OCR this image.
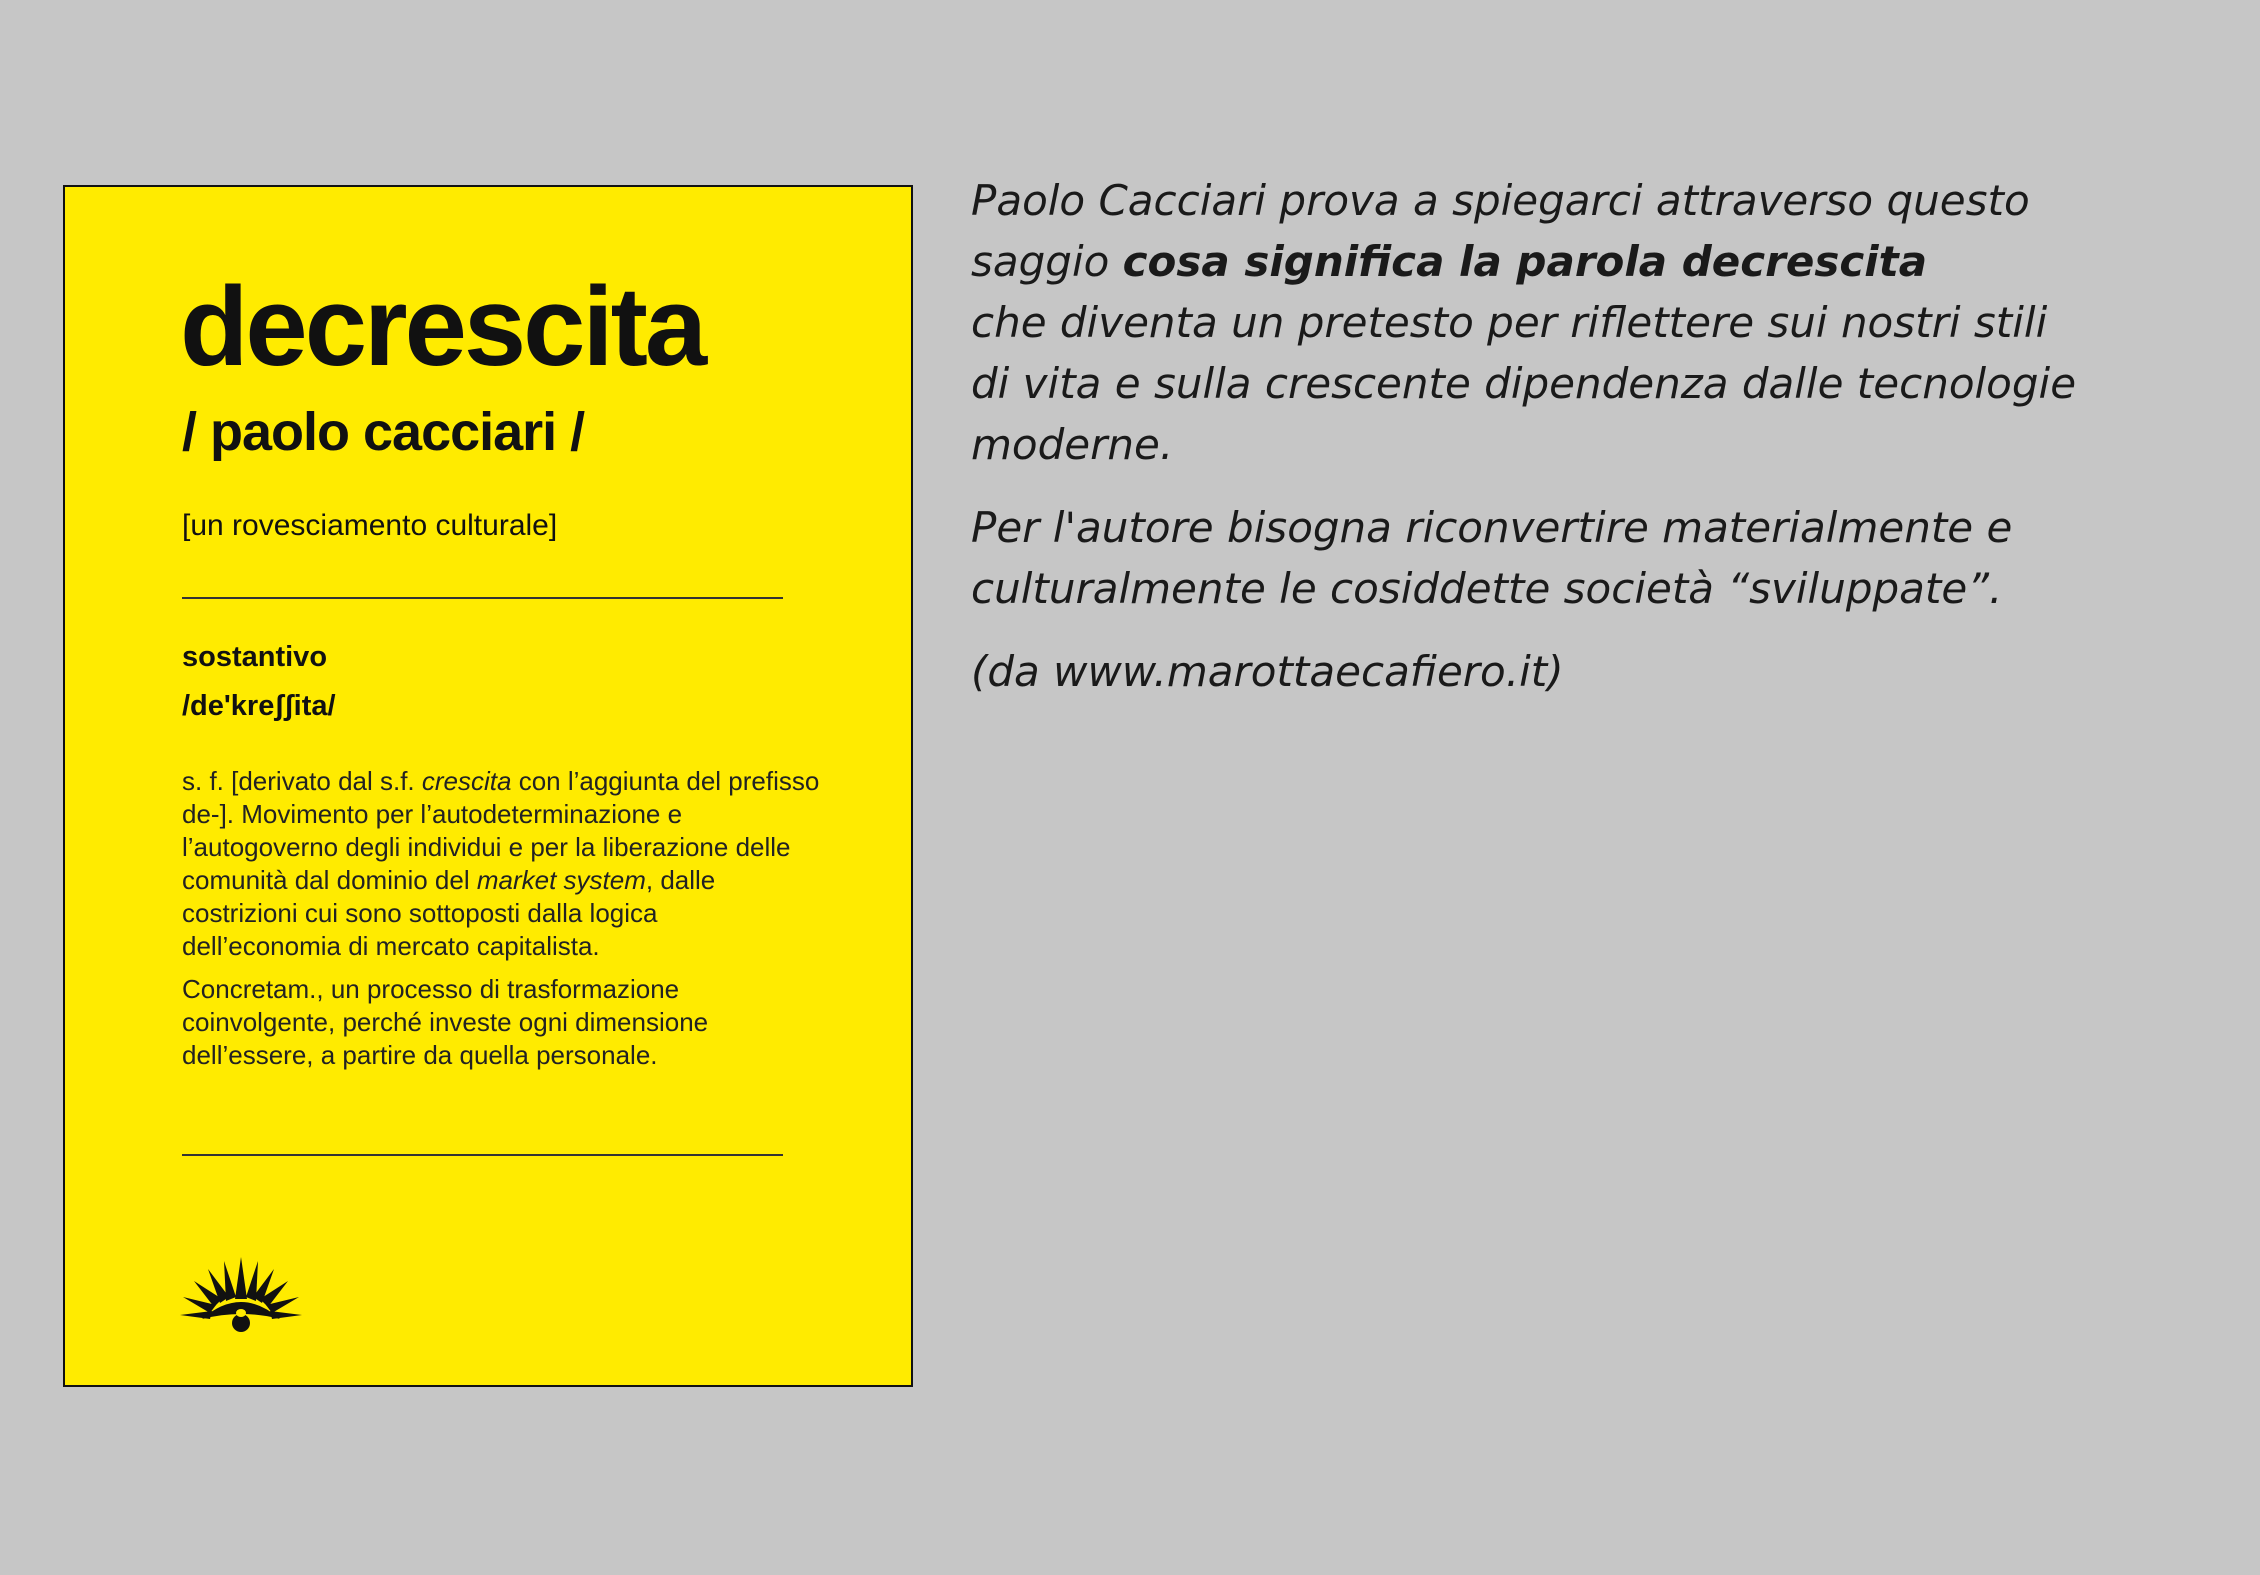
decrescita
/ paolo cacciari /
[un rovesciamento culturale]
sostantivo
/de'kreʃʃita/

s. f. [derivato dal s.f. crescita con l’aggiunta del prefisso de-]. Movimento per l’autodeterminazione e l’autogoverno degli individui e per la liberazione delle comunità dal dominio del market system, dalle costrizioni cui sono sottoposti dalla logica dell’economia di mercato capitalista.

Concretam., un processo di trasformazione coinvolgente, perché investe ogni dimensione dell’essere, a partire da quella personale.

Paolo Cacciari prova a spiegarci attraverso questo
saggio cosa significa la parola decrescita
che diventa un pretesto per riflettere sui nostri stili
di vita e sulla crescente dipendenza dalle tecnologie
moderne.

Per l'autore bisogna riconvertire materialmente e
culturalmente le cosiddette società “sviluppate”.

(da www.marottaecafiero.it)
